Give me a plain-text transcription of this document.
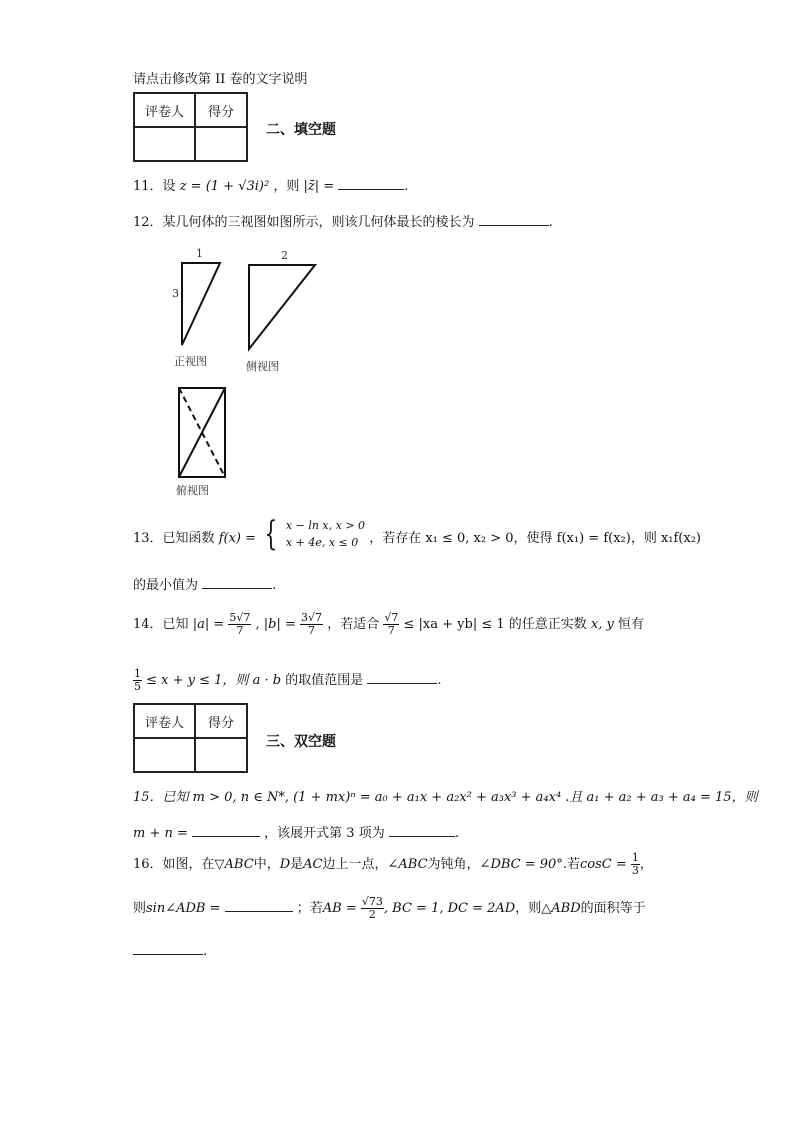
请点击修改第 II 卷的文字说明
评卷人	得分

二、填空题
11．设 z = (1 + √3i)² ，则 |z̄| =	.
12．某几何体的三视图如图所示，则该几何体最长的棱长为	.
1
3
正视图
2
侧视图
俯视图
13．已知函数 f(x) = { x − ln x, x > 0
x + 4e, x ≤ 0 ，若存在 x₁ ≤ 0, x₂ > 0，使得 f(x₁) = f(x₂)，则 x₁f(x₂)
的最小值为	.
14．已知 $|a| = \frac{5√7}{7}$ , $|b| = \frac{3√7}{7}$ ，若适合 $\frac{√7}{7} \le |xa + yb| \le 1$ 的任意正实数 x, y 恒有
$\frac{1}{5} \le x + y \le 1$，则 a · b 的取值范围是	.
评卷人	得分

三、双空题
15．已知 m > 0, n ∈ N*, (1 + mx)ⁿ = a₀ + a₁x + a₂x² + a₃x³ + a₄x⁴ .且 a₁ + a₂ + a₃ + a₄ = 15，则
m + n =	，该展开式第 3 项为	.
16．如图，在▽ABC中，D是AC边上一点，∠ABC为钝角，∠DBC = 90°.若$\cos C = \frac{1}{3}$ ，
则sin∠ADB =	；若AB = $\frac{√73}{2}$ , BC = 1, DC = 2AD，则△ABD的面积等于
.
